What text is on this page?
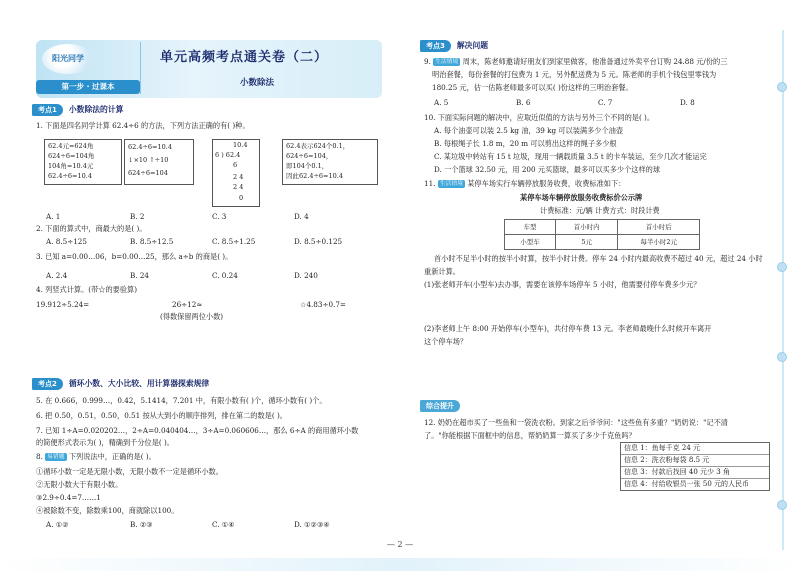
阳光同学
第一步 · 过课本
单元高频考点通关卷（二）
小数除法
考点1	小数除法的计算
1. 下面是四名同学计算 62.4÷6 的方法，下列方法正确的有( )种。
62.4元=624角
624÷6=104角
104角=10.4元
62.4÷6=10.4
62.4÷6=10.4
↓×10 ↑÷10
624÷6=104
10.4
6 ) 62.4
6
2 4
2 4
0
62.4表示624个0.1，
624÷6=104，
即104个0.1，
因此62.4÷6=10.4
A. 1	B. 2	C. 3	D. 4
2. 下面的算式中，商最大的是( )。
A. 8.5÷125	B. 8.5÷12.5	C. 8.5÷1.25	D. 8.5÷0.125
3. 已知 a=0.00…06，b=0.00…25，那么 a÷b 的商是( )。
A. 2.4	B. 24	C. 0.24	D. 240
4. 列竖式计算。(带☆的要验算)
19.912÷5.24=	26÷12≈	☆4.83÷0.7=
(得数保留两位小数)
考点2	循环小数、大小比较、用计算器探索规律
5. 在 0.666，0.999…，0.42，5.1414，7.201 中，有限小数有( )个，循环小数有( )个。
6. 把 0.50，0.51，0.50，0.51 按从大到小的顺序排列，排在第二的数是( )。
7. 已知 1÷A=0.020202…，2÷A=0.040404…，3÷A=0.060606…，那么 6÷A 的商用循环小数
的简便形式表示为( )，精确到千分位是( )。
8. 易错题 下列说法中，正确的是( )。
①循环小数一定是无限小数，无限小数不一定是循环小数。
②无限小数大于有限小数。
③2.9÷0.4=7……1
④被除数不变，除数乘100，商就除以100。
A. ①②	B. ②③	C. ①④	D. ①②③④
考点3	解决问题
9. 生活情境 周末，陈老师邀请好朋友们到家里做客，他准备通过外卖平台订购 24.88 元/份的三
明治套餐，每份套餐的打包费为 1 元，另外配送费为 5 元。陈老师的手机个钱包里零钱为
180.25 元，估一估陈老师最多可以买( )份这样的三明治套餐。
A. 5	B. 6	C. 7	D. 8
10. 下面实际问题的解决中，应取近似值的方法与另外三个不同的是( )。
A. 每个油壶可以装 2.5 kg 油，39 kg 可以装满多少个油壶
B. 每根绳子长 1.8 m，20 m 可以剪出这样的绳子多少根
C. 某垃圾中转站有 15 t 垃圾，现用一辆载质量 3.5 t 的卡车装运，至少几次才能运完
D. 一个篮球 32.50 元，用 200 元买篮球，最多可以买多少个这样的球
11. 生活情境 某停车场实行车辆停放服务收费，收费标准如下：
某停车场车辆停放服务收费标价公示牌
计费标准：元/辆 计费方式：时段计费
车型	首小时内	首小时后
小型车	5元	每半小时2元
首小时不足半小时的按半小时算，按半小时计费。停车 24 小时内最高收费不超过 40 元，超过 24 小时
重新计算。
(1)张老师开车(小型车)去办事，需要在该停车场停车 5 小时，他需要付停车费多少元？
(2)李老师上午 8:00 开始停车(小型车)，共付停车费 13 元。李老师最晚什么时候开车离开
这个停车场？
综合提升
12. 奶奶在超市买了一些鱼和一袋洗衣粉。到家之后爷爷问："这些鱼有多重？"奶奶说："记不清
了。"你能根据下面框中的信息，帮奶奶算一算买了多少千克鱼吗？
信息 1：鱼每千克 24 元
信息 2：洗衣粉每袋 8.5 元
信息 3：付款后找回 40 元少 3 角
信息 4：付给收银员一张 50 元的人民币
— 2 —
